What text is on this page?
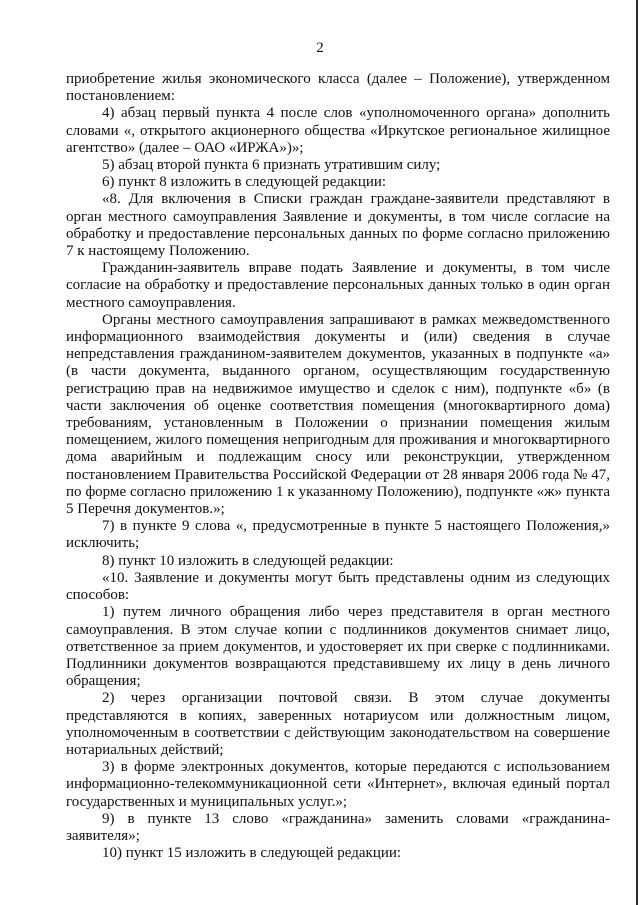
2

приобретение жилья экономического класса (далее – Положение), утвержденном постановлением:

4) абзац первый пункта 4 после слов «уполномоченного органа» дополнить словами «, открытого акционерного общества «Иркутское региональное жилищное агентство» (далее – ОАО «ИРЖА»)»;

5) абзац второй пункта 6 признать утратившим силу;

6) пункт 8 изложить в следующей редакции:

«8. Для включения в Списки граждан граждане-заявители представляют в орган местного самоуправления Заявление и документы, в том числе согласие на обработку и предоставление персональных данных по форме согласно приложению 7 к настоящему Положению.

Гражданин-заявитель вправе подать Заявление и документы, в том числе согласие на обработку и предоставление персональных данных только в один орган местного самоуправления.

Органы местного самоуправления запрашивают в рамках межведомственного информационного взаимодействия документы и (или) сведения в случае непредставления гражданином-заявителем документов, указанных в подпункте «а» (в части документа, выданного органом, осуществляющим государственную регистрацию прав на недвижимое имущество и сделок с ним), подпункте «б» (в части заключения об оценке соответствия помещения (многоквартирного дома) требованиям, установленным в Положении о признании помещения жилым помещением, жилого помещения непригодным для проживания и многоквартирного дома аварийным и подлежащим сносу или реконструкции, утвержденном постановлением Правительства Российской Федерации от 28 января 2006 года № 47, по форме согласно приложению 1 к указанному Положению), подпункте «ж» пункта 5 Перечня документов.»;

7) в пункте 9 слова «, предусмотренные в пункте 5 настоящего Положения,» исключить;

8) пункт 10 изложить в следующей редакции:

«10. Заявление и документы могут быть представлены одним из следующих способов:

1) путем личного обращения либо через представителя в орган местного самоуправления. В этом случае копии с подлинников документов снимает лицо, ответственное за прием документов, и удостоверяет их при сверке с подлинниками. Подлинники документов возвращаются представившему их лицу в день личного обращения;

2) через организации почтовой связи. В этом случае документы представляются в копиях, заверенных нотариусом или должностным лицом, уполномоченным в соответствии с действующим законодательством на совершение нотариальных действий;

3) в форме электронных документов, которые передаются с использованием информационно-телекоммуникационной сети «Интернет», включая единый портал государственных и муниципальных услуг.»;

9) в пункте 13 слово «гражданина» заменить словами «гражданина-заявителя»;

10) пункт 15 изложить в следующей редакции:
